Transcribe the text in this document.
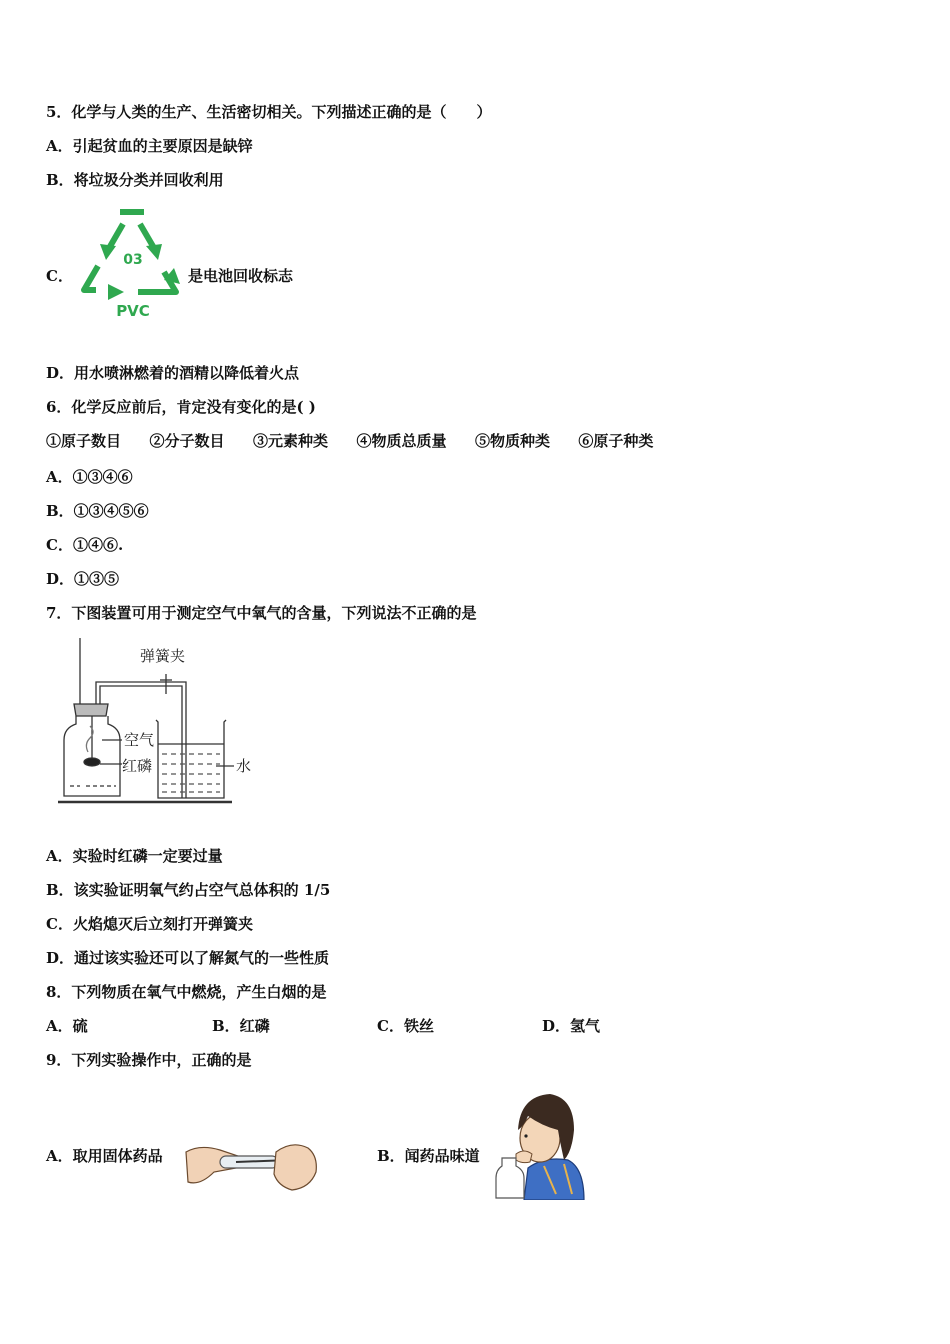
5．化学与人类的生产、生活密切相关。下列描述正确的是（　　）
A．引起贫血的主要原因是缺锌
B．将垃圾分类并回收利用
C．
03
PVC
是电池回收标志
D．用水喷淋燃着的酒精以降低着火点
6．化学反应前后，肯定没有变化的是( )
①原子数目 ②分子数目 ③元素种类 ④物质总质量 ⑤物质种类 ⑥原子种类
A．①③④⑥
B．①③④⑤⑥
C．①④⑥.
D．①③⑤
7．下图装置可用于测定空气中氧气的含量，下列说法不正确的是
弹簧夹
空气
红磷	水
A．实验时红磷一定要过量
B．该实验证明氧气约占空气总体积的 1/5
C．火焰熄灭后立刻打开弹簧夹
D．通过该实验还可以了解氮气的一些性质
8．下列物质在氧气中燃烧，产生白烟的是
A．硫	B．红磷	C．铁丝	D．氢气
9．下列实验操作中，正确的是
A．取用固体药品	B．闻药品味道
